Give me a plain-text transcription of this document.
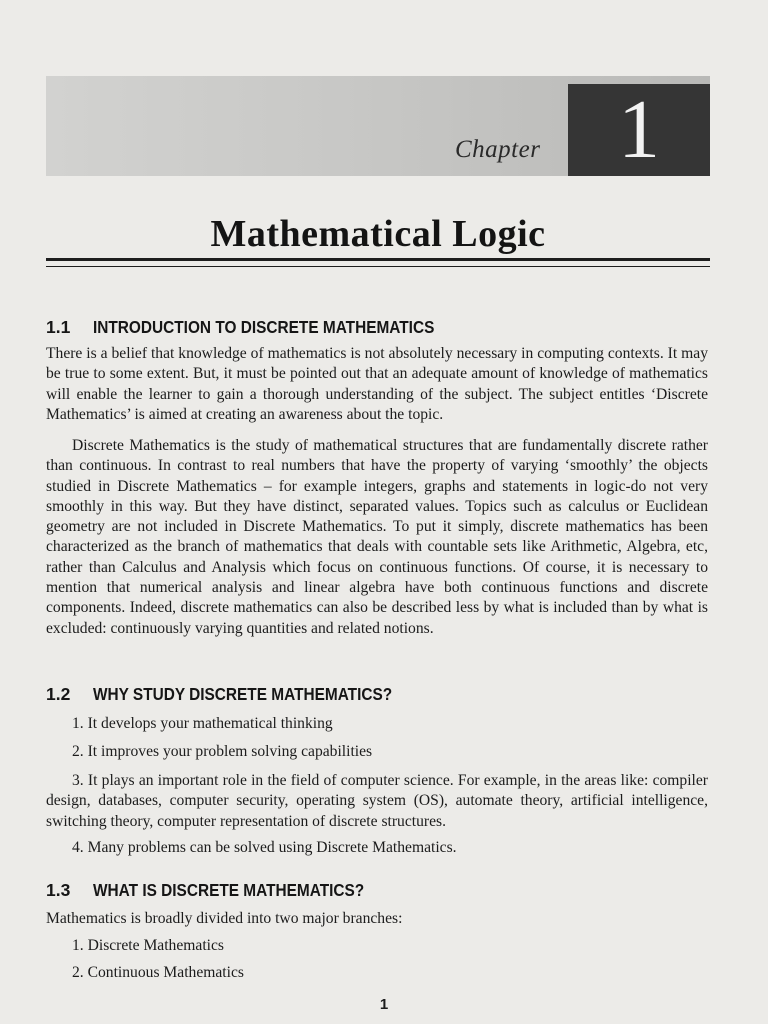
Chapter 1
Mathematical Logic
1.1 INTRODUCTION TO DISCRETE MATHEMATICS

There is a belief that knowledge of mathematics is not absolutely necessary in computing contexts. It may be true to some extent. But, it must be pointed out that an adequate amount of knowledge of mathematics will enable the learner to gain a thorough understanding of the subject. The subject entitles ‘Discrete Mathematics’ is aimed at creating an awareness about the topic.

Discrete Mathematics is the study of mathematical structures that are fundamentally discrete rather than continuous. In contrast to real numbers that have the property of varying ‘smoothly’ the objects studied in Discrete Mathematics – for example integers, graphs and statements in logic-do not very smoothly in this way. But they have distinct, separated values. Topics such as calculus or Euclidean geometry are not included in Discrete Mathematics. To put it simply, discrete mathematics has been characterized as the branch of mathematics that deals with countable sets like Arithmetic, Algebra, etc, rather than Calculus and Analysis which focus on continuous functions. Of course, it is necessary to mention that numerical analysis and linear algebra have both continuous functions and discrete components. Indeed, discrete mathematics can also be described less by what is included than by what is excluded: continuously varying quantities and related notions.

1.2 WHY STUDY DISCRETE MATHEMATICS?
1. It develops your mathematical thinking
2. It improves your problem solving capabilities
3. It plays an important role in the field of computer science. For example, in the areas like: compiler design, databases, computer security, operating system (OS), automate theory, artificial intelligence, switching theory, computer representation of discrete structures.
4. Many problems can be solved using Discrete Mathematics.
1.3 WHAT IS DISCRETE MATHEMATICS?
Mathematics is broadly divided into two major branches:
1. Discrete Mathematics
2. Continuous Mathematics
1
